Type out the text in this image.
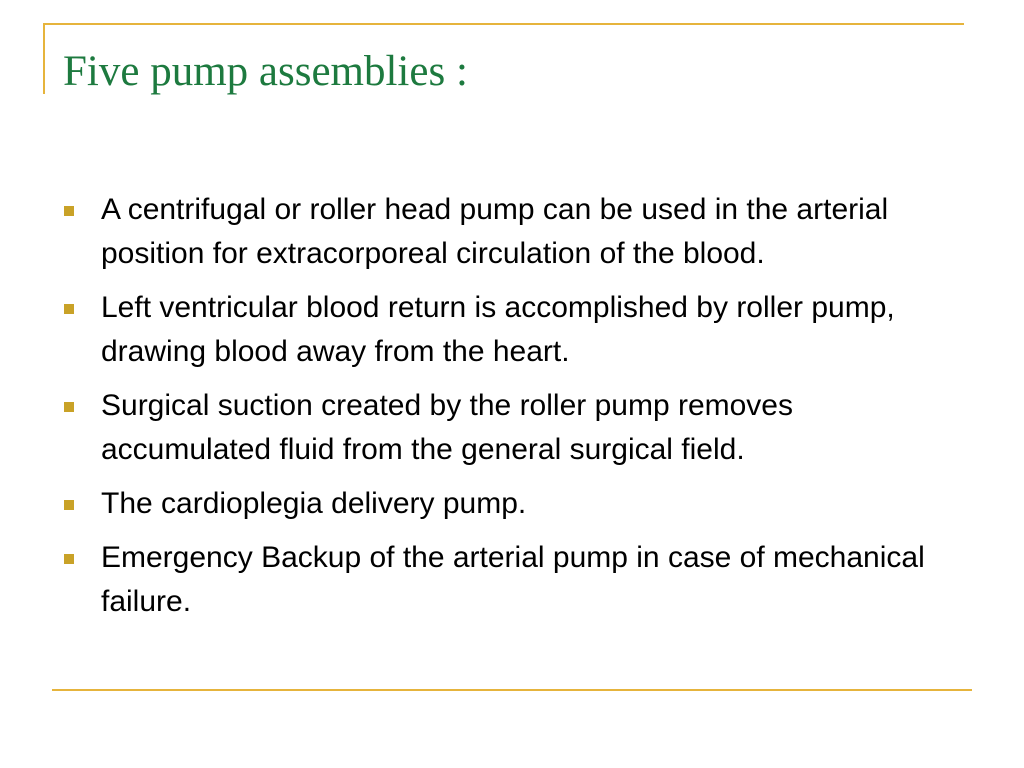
Five pump assemblies :
A centrifugal or roller head pump can be used in the arterial position for extracorporeal circulation of the blood.
Left ventricular blood return is accomplished by roller pump, drawing blood away from the heart.
Surgical suction created by the roller pump removes accumulated fluid from the general surgical field.
The cardioplegia delivery pump.
Emergency Backup of the arterial pump in case of mechanical failure.
